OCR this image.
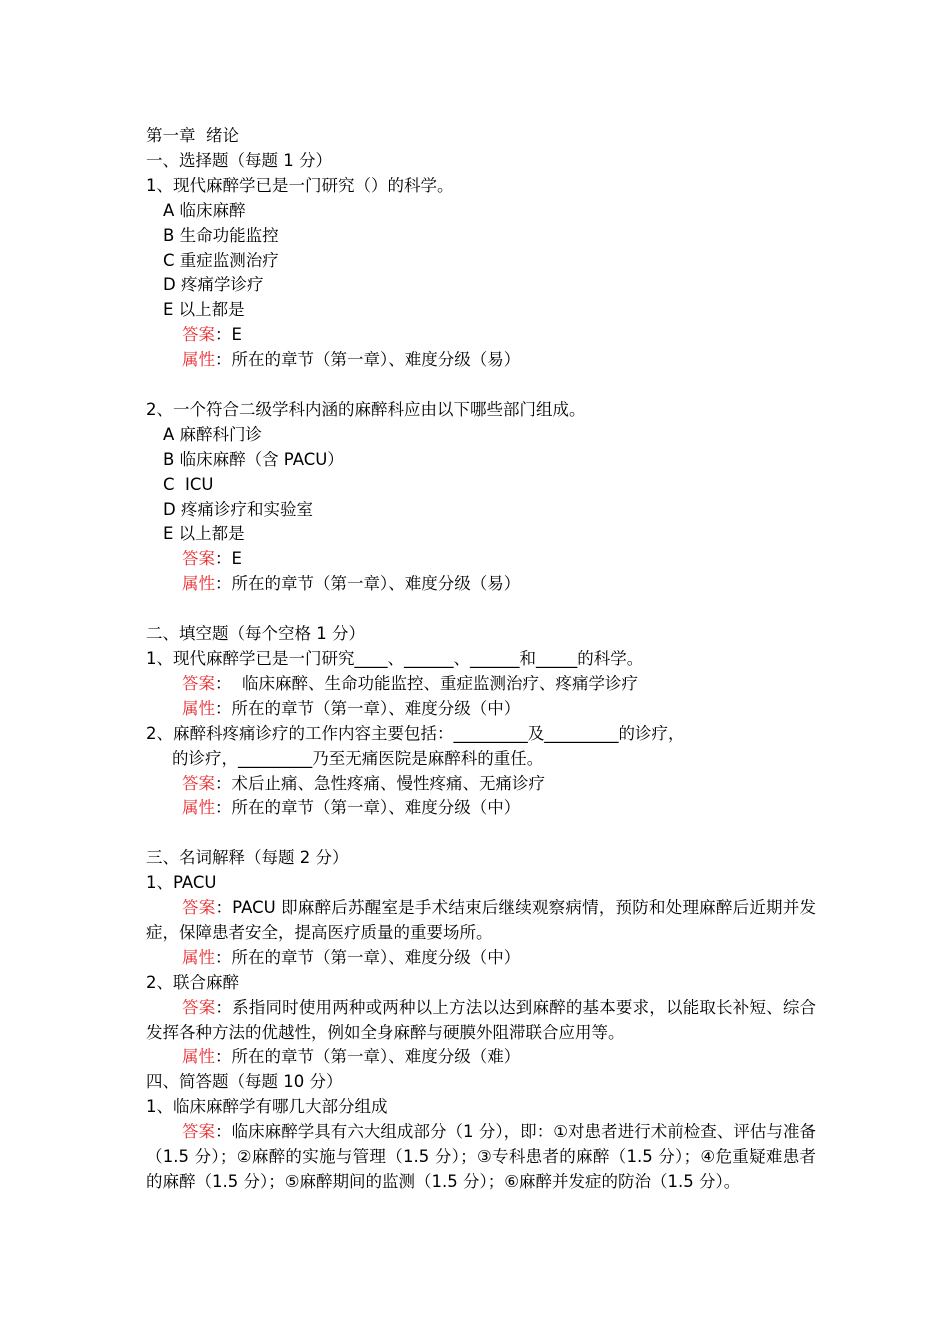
第一章  绪论
一、选择题（每题 1 分）
1、现代麻醉学已是一门研究（）的科学。
A 临床麻醉
B 生命功能监控
C 重症监测治疗
D 疼痛学诊疗
E 以上都是
答案：E
属性：所在的章节（第一章）、难度分级（易）
2、一个符合二级学科内涵的麻醉科应由以下哪些部门组成。
A 麻醉科门诊
B 临床麻醉（含 PACU）
C  ICU
D 疼痛诊疗和实验室
E 以上都是
答案：E
属性：所在的章节（第一章）、难度分级（易）
二、填空题（每个空格 1 分）
1、现代麻醉学已是一门研究____、______、______和_____的科学。
答案：  临床麻醉、生命功能监控、重症监测治疗、疼痛学诊疗
属性：所在的章节（第一章）、难度分级（中）
2、麻醉科疼痛诊疗的工作内容主要包括：_________及_________的诊疗，
的诊疗，_________乃至无痛医院是麻醉科的重任。
答案：术后止痛、急性疼痛、慢性疼痛、无痛诊疗
属性：所在的章节（第一章）、难度分级（中）
三、名词解释（每题 2 分）
1、PACU
答案：PACU 即麻醉后苏醒室是手术结束后继续观察病情，预防和处理麻醉后近期并发症，保障患者安全，提高医疗质量的重要场所。
属性：所在的章节（第一章）、难度分级（中）
2、联合麻醉
答案：系指同时使用两种或两种以上方法以达到麻醉的基本要求，以能取长补短、综合发挥各种方法的优越性，例如全身麻醉与硬膜外阻滞联合应用等。
属性：所在的章节（第一章）、难度分级（难）
四、简答题（每题 10 分）
1、临床麻醉学有哪几大部分组成
答案：临床麻醉学具有六大组成部分（1 分），即：①对患者进行术前检查、评估与准备（1.5 分）；②麻醉的实施与管理（1.5 分）；③专科患者的麻醉（1.5 分）；④危重疑难患者的麻醉（1.5 分）；⑤麻醉期间的监测（1.5 分）；⑥麻醉并发症的防治（1.5 分）。
